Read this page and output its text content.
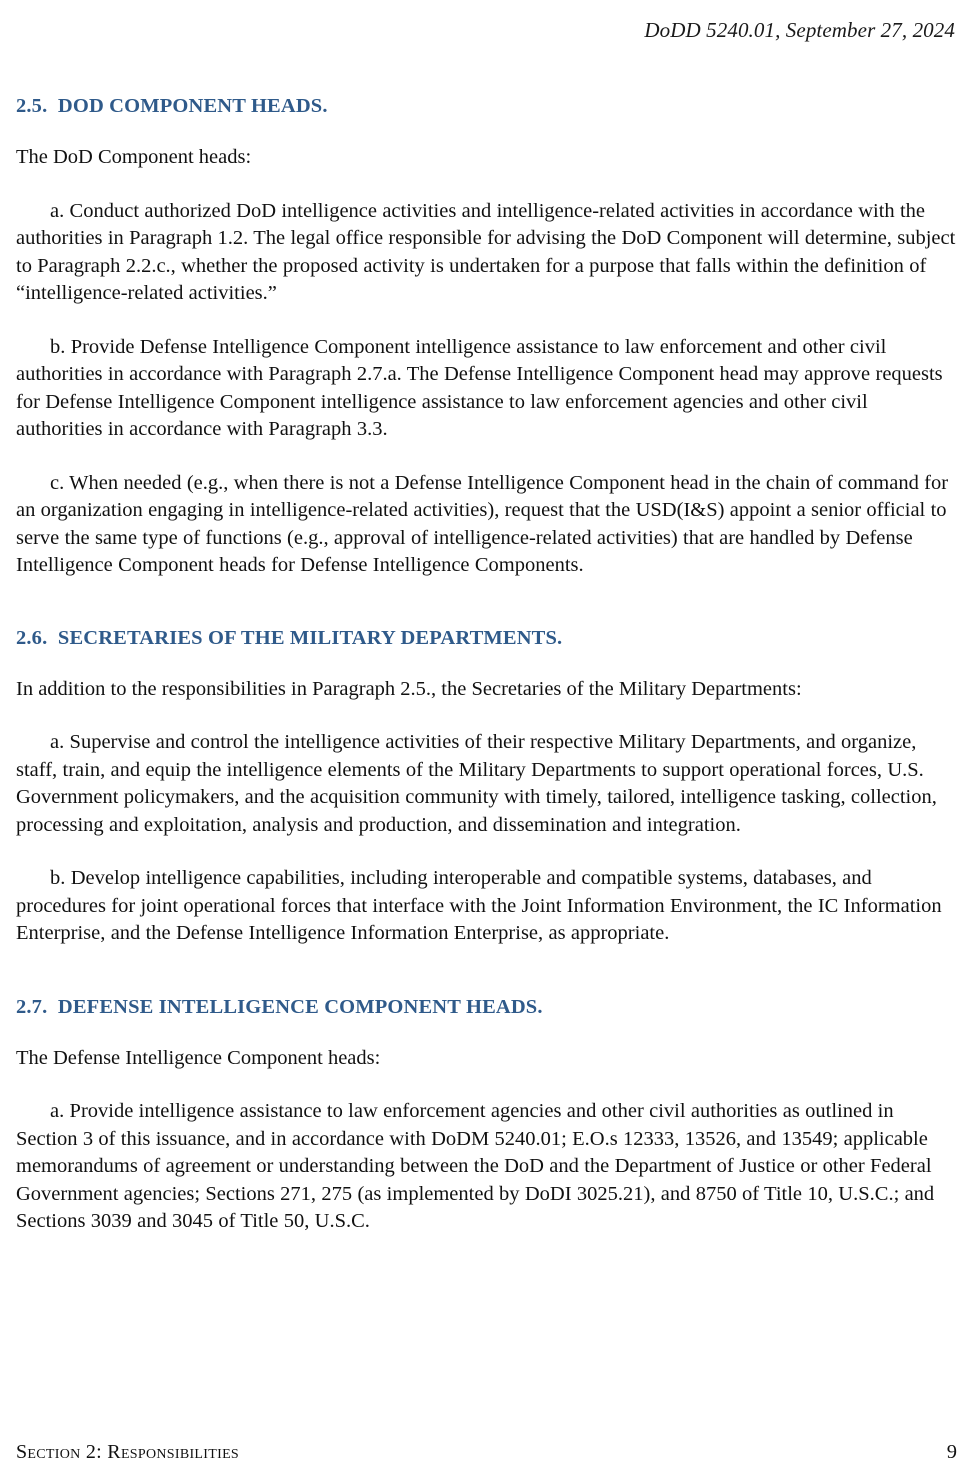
DoDD 5240.01, September 27, 2024
2.5.  DOD COMPONENT HEADS.
The DoD Component heads:
a. Conduct authorized DoD intelligence activities and intelligence-related activities in accordance with the authorities in Paragraph 1.2. The legal office responsible for advising the DoD Component will determine, subject to Paragraph 2.2.c., whether the proposed activity is undertaken for a purpose that falls within the definition of “intelligence-related activities.”
b. Provide Defense Intelligence Component intelligence assistance to law enforcement and other civil authorities in accordance with Paragraph 2.7.a. The Defense Intelligence Component head may approve requests for Defense Intelligence Component intelligence assistance to law enforcement agencies and other civil authorities in accordance with Paragraph 3.3.
c. When needed (e.g., when there is not a Defense Intelligence Component head in the chain of command for an organization engaging in intelligence-related activities), request that the USD(I&S) appoint a senior official to serve the same type of functions (e.g., approval of intelligence-related activities) that are handled by Defense Intelligence Component heads for Defense Intelligence Components.
2.6.  SECRETARIES OF THE MILITARY DEPARTMENTS.
In addition to the responsibilities in Paragraph 2.5., the Secretaries of the Military Departments:
a. Supervise and control the intelligence activities of their respective Military Departments, and organize, staff, train, and equip the intelligence elements of the Military Departments to support operational forces, U.S. Government policymakers, and the acquisition community with timely, tailored, intelligence tasking, collection, processing and exploitation, analysis and production, and dissemination and integration.
b. Develop intelligence capabilities, including interoperable and compatible systems, databases, and procedures for joint operational forces that interface with the Joint Information Environment, the IC Information Enterprise, and the Defense Intelligence Information Enterprise, as appropriate.
2.7.  DEFENSE INTELLIGENCE COMPONENT HEADS.
The Defense Intelligence Component heads:
a. Provide intelligence assistance to law enforcement agencies and other civil authorities as outlined in Section 3 of this issuance, and in accordance with DoDM 5240.01; E.O.s 12333, 13526, and 13549; applicable memorandums of agreement or understanding between the DoD and the Department of Justice or other Federal Government agencies; Sections 271, 275 (as implemented by DoDI 3025.21), and 8750 of Title 10, U.S.C.; and Sections 3039 and 3045 of Title 50, U.S.C.
Section 2: Responsibilities	9
